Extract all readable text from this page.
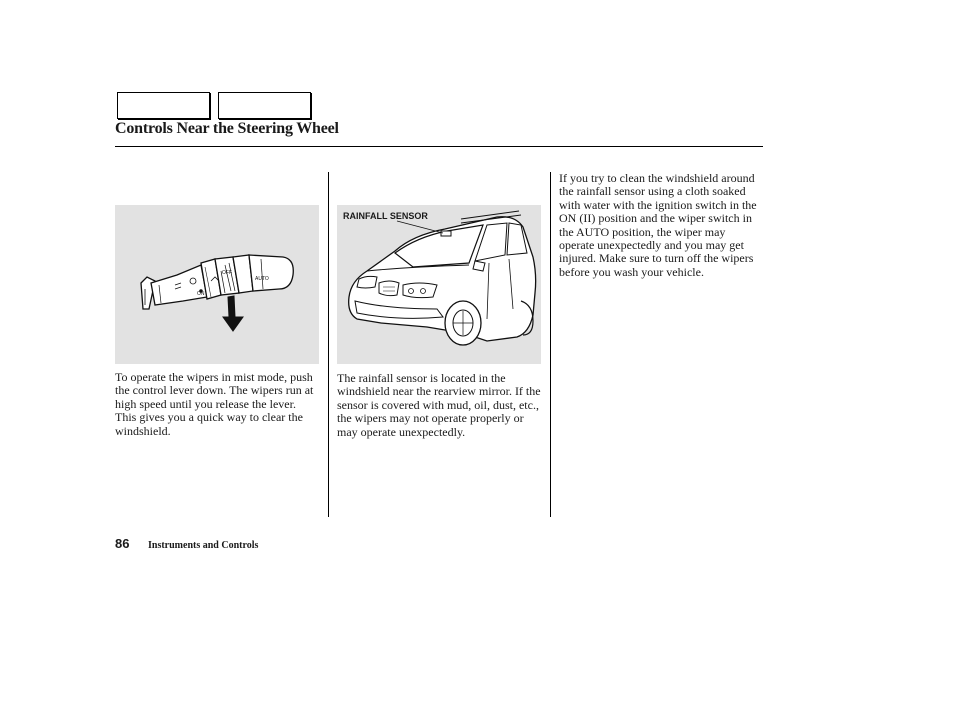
Controls Near the Steering Wheel
OFF
AUTO
ON
RAINFALL SENSOR

To operate the wipers in mist mode, push the control lever down. The wipers run at high speed until you release the lever. This gives you a quick way to clear the windshield.

The rainfall sensor is located in the windshield near the rearview mirror. If the sensor is covered with mud, oil, dust, etc., the wipers may not operate properly or may operate unexpectedly.

If you try to clean the windshield around the rainfall sensor using a cloth soaked with water with the ignition switch in the ON (II) position and the wiper switch in the AUTO position, the wiper may operate unexpectedly and you may get injured. Make sure to turn off the wipers before you wash your vehicle.

86 Instruments and Controls
